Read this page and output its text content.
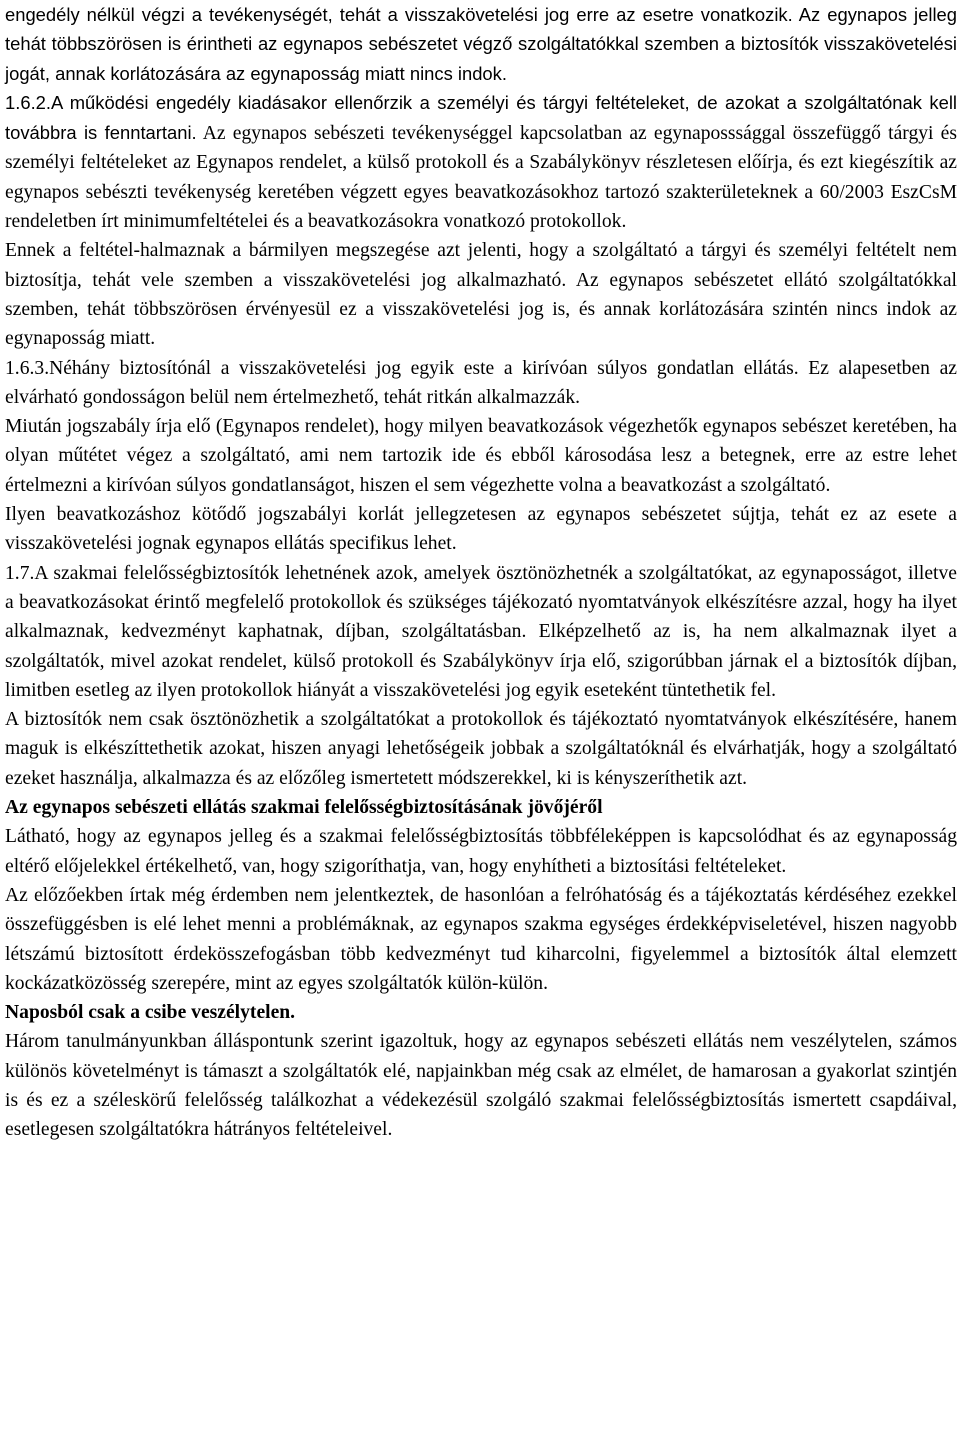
engedély nélkül végzi a tevékenységét, tehát a visszakövetelési jog erre az esetre vonatkozik. Az egynapos jelleg tehát többszörösen is érintheti az egynapos sebészetet végző szolgáltatókkal szemben a biztosítók visszakövetelési jogát, annak korlátozására az egynaposság miatt nincs indok.

1.6.2.A működési engedély kiadásakor ellenőrzik a személyi és tárgyi feltételeket, de azokat a szolgáltatónak kell továbbra is fenntartani. Az egynapos sebészeti tevékenységgel kapcsolatban az egynaposssággal összefüggő tárgyi és személyi feltételeket az Egynapos rendelet, a külső protokoll és a Szabálykönyv részletesen előírja, és ezt kiegészítik az egynapos sebészti tevékenység keretében végzett egyes beavatkozásokhoz tartozó szakterületeknek a 60/2003 EszCsM rendeletben írt minimumfeltételei és a beavatkozásokra vonatkozó protokollok.

Ennek a feltétel-halmaznak a bármilyen megszegése azt jelenti, hogy a szolgáltató a tárgyi és személyi feltételt nem biztosítja, tehát vele szemben a visszakövetelési jog alkalmazható. Az egynapos sebészetet ellátó szolgáltatókkal szemben, tehát többszörösen érvényesül ez a visszakövetelési jog is, és annak korlátozására szintén nincs indok az egynaposság miatt.

1.6.3.Néhány biztosítónál a visszakövetelési jog egyik este a kirívóan súlyos gondatlan ellátás. Ez alapesetben az elvárható gondosságon belül nem értelmezhető, tehát ritkán alkalmazzák.

Miután jogszabály írja elő (Egynapos rendelet), hogy milyen beavatkozások végezhetők egynapos sebészet keretében, ha olyan műtétet végez a szolgáltató, ami nem tartozik ide és ebből károsodása lesz a betegnek, erre az estre lehet értelmezni a kirívóan súlyos gondatlanságot, hiszen el sem végezhette volna a beavatkozást a szolgáltató.

Ilyen beavatkozáshoz kötődő jogszabályi korlát jellegzetesen az egynapos sebészetet sújtja, tehát ez az esete a visszakövetelési jognak egynapos ellátás specifikus lehet.

1.7.A szakmai felelősségbiztosítók lehetnének azok, amelyek ösztönözhetnék a szolgáltatókat, az egynaposságot, illetve a beavatkozásokat érintő megfelelő protokollok és szükséges tájékozató nyomtatványok elkészítésre azzal, hogy ha ilyet alkalmaznak, kedvezményt kaphatnak, díjban, szolgáltatásban. Elképzelhető az is, ha nem alkalmaznak ilyet a szolgáltatók, mivel azokat rendelet, külső protokoll és Szabálykönyv írja elő, szigorúbban járnak el a biztosítók díjban, limitben esetleg az ilyen protokollok hiányát a visszakövetelési jog egyik eseteként tüntethetik fel.

A biztosítók nem csak ösztönözhetik a szolgáltatókat a protokollok és tájékoztató nyomtatványok elkészítésére, hanem maguk is elkészíttethetik azokat, hiszen anyagi lehetőségeik jobbak a szolgáltatóknál és elvárhatják, hogy a szolgáltató ezeket használja, alkalmazza és az előzőleg ismertetett módszerekkel, ki is kényszeríthetik azt.

Az egynapos sebészeti ellátás szakmai felelősségbiztosításának jövőjéről

Látható, hogy az egynapos jelleg és a szakmai felelősségbiztosítás többféleképpen is kapcsolódhat és az egynaposság eltérő előjelekkel értékelhető, van, hogy szigoríthatja, van, hogy enyhítheti a biztosítási feltételeket.

Az előzőekben írtak még érdemben nem jelentkeztek, de hasonlóan a felróhatóság és a tájékoztatás kérdéséhez ezekkel összefüggésben is elé lehet menni a problémáknak, az egynapos szakma egységes érdekképviseletével, hiszen nagyobb létszámú biztosított érdekösszefogásban több kedvezményt tud kiharcolni, figyelemmel a biztosítók által elemzett kockázatközösség szerepére, mint az egyes szolgáltatók külön-külön.

Naposból csak a csibe veszélytelen.

Három tanulmányunkban álláspontunk szerint igazoltuk, hogy az egynapos sebészeti ellátás nem veszélytelen, számos különös követelményt is támaszt a szolgáltatók elé, napjainkban még csak az elmélet, de hamarosan a gyakorlat szintjén is és ez a széleskörű felelősség találkozhat a védekezésül szolgáló szakmai felelősségbiztosítás ismertett csapdáival, esetlegesen szolgáltatókra hátrányos feltételeivel.
